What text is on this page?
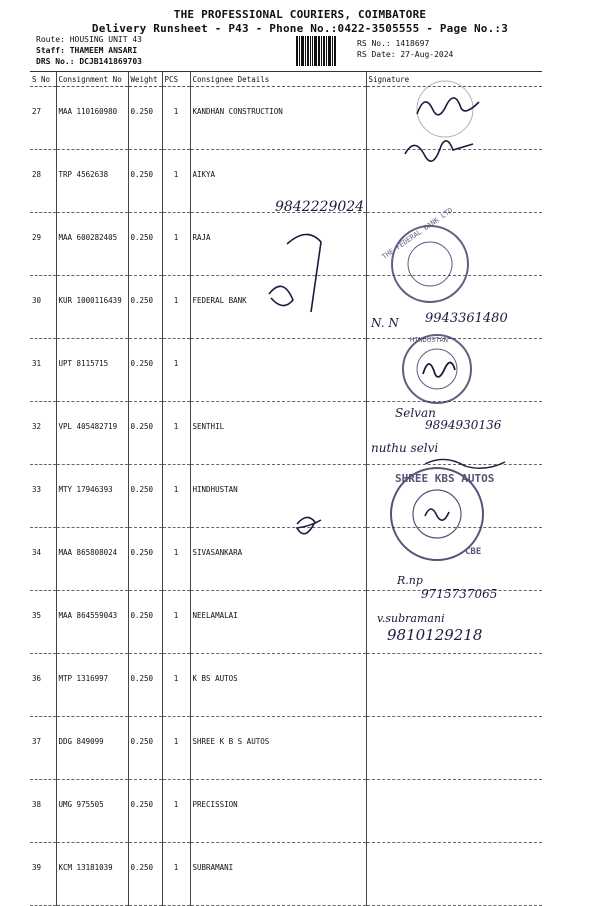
THE PROFESSIONAL COURIERS, COIMBATORE
Delivery Runsheet - P43 - Phone No.:0422-3505555 - Page No.:3
Route: HOUSING UNIT 43
Staff: THAMEEM ANSARI
DRS No.: DCJB141869703
RS No.: 1418697
RS Date: 27-Aug-2024
S No	Consignment No	Weight	PCS	Consignee Details	Signature
27	MAA 110160980	0.250	1	KANDHAN CONSTRUCTION	
28	TRP 4562638	0.250	1	AIKYA	
29	MAA 600282405	0.250	1	RAJA	
30	KUR 1000116439	0.250	1	FEDERAL BANK	
31	UPT 8115715	0.250	1		
32	VPL 405482719	0.250	1	SENTHIL	
33	MTY 17946393	0.250	1	HINDHUSTAN	
34	MAA 865808024	0.250	1	SIVASANKARA	
35	MAA 864559043	0.250	1	NEELAMALAI	
36	MTP 1316997	0.250	1	K BS AUTOS	
37	DDG 849099	0.250	1	SHREE K B S AUTOS	
38	UMG 975505	0.250	1	PRECISSION	
39	KCM 13181039	0.250	1	SUBRAMANI	
9842229024 THE FEDERAL BANK LTD
N. N 9943361480
HINDUSTAN
Selvan
9894930136
nuthu selvi
SHREE KBS AUTOS
CBE
R.np
9715737065
v.subramani
9810129218
